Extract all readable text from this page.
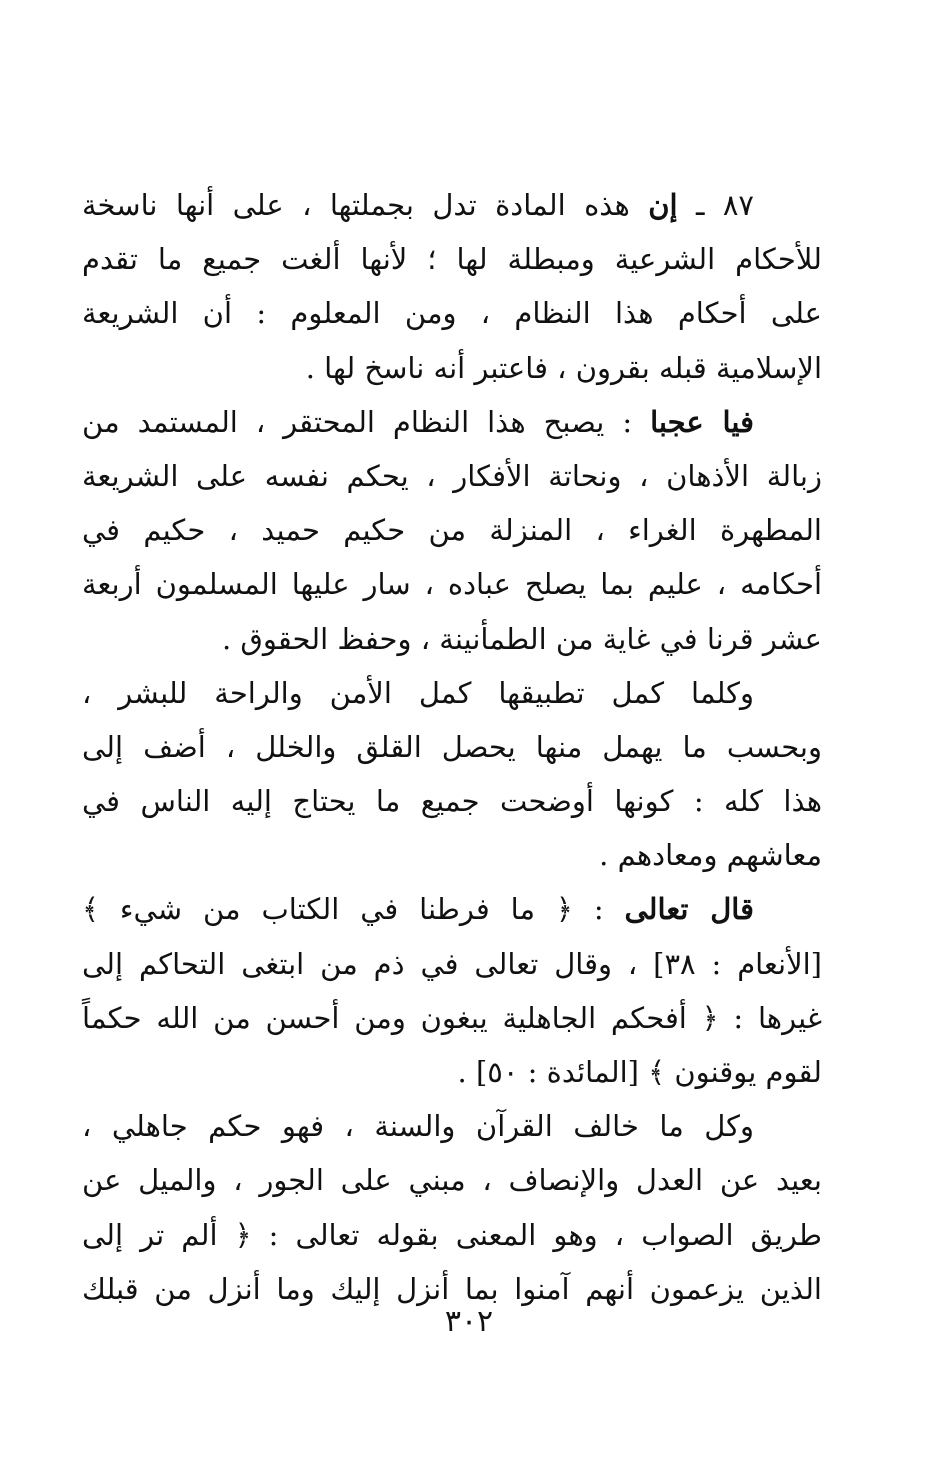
٨٧ ـ إن هذه المادة تدل بجملتها ، على أنها ناسخة
للأحكام الشرعية ومبطلة لها ؛ لأنها ألغت جميع ما تقدم
على أحكام هذا النظام ، ومن المعلوم : أن الشريعة
الإسلامية قبله بقرون ، فاعتبر أنه ناسخ لها .
فيا عجبا : يصبح هذا النظام المحتقر ، المستمد من
زبالة الأذهان ، ونحاتة الأفكار ، يحكم نفسه على الشريعة
المطهرة الغراء ، المنزلة من حكيم حميد ، حكيم في
أحكامه ، عليم بما يصلح عباده ، سار عليها المسلمون أربعة
عشر قرنا في غاية من الطمأنينة ، وحفظ الحقوق .
وكلما كمل تطبيقها كمل الأمن والراحة للبشر ،
وبحسب ما يهمل منها يحصل القلق والخلل ، أضف إلى
هذا كله : كونها أوضحت جميع ما يحتاج إليه الناس في
معاشهم ومعادهم .
قال تعالى : ﴿ ما فرطنا في الكتاب من شيء ﴾
[الأنعام : ٣٨] ، وقال تعالى في ذم من ابتغى التحاكم إلى
غيرها : ﴿ أفحكم الجاهلية يبغون ومن أحسن من الله حكماً
لقوم يوقنون ﴾ [المائدة : ٥٠] .
وكل ما خالف القرآن والسنة ، فهو حكم جاهلي ،
بعيد عن العدل والإنصاف ، مبني على الجور ، والميل عن
طريق الصواب ، وهو المعنى بقوله تعالى : ﴿ ألم تر إلى
الذين يزعمون أنهم آمنوا بما أنزل إليك وما أنزل من قبلك
٣٠٢
